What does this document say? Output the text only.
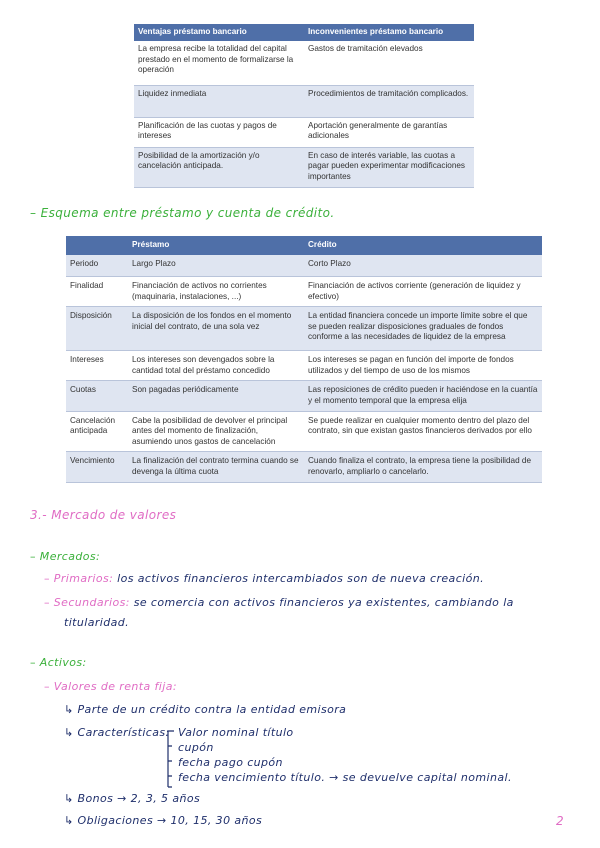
Ventajas préstamo bancario	Inconvenientes préstamo bancario
La empresa recibe la totalidad del capital prestado en el momento de formalizarse la operación	Gastos de tramitación elevados
Liquidez inmediata	Procedimientos de tramitación complicados.
Planificación de las cuotas y pagos de intereses	Aportación generalmente de garantías adicionales
Posibilidad de la amortización y/o cancelación anticipada.	En caso de interés variable, las cuotas a pagar pueden experimentar modificaciones importantes
– Esquema entre préstamo y cuenta de crédito.
	Préstamo	Crédito
Periodo	Largo Plazo	Corto Plazo
Finalidad	Financiación de activos no corrientes (maquinaria, instalaciones, ...)	Financiación de activos corriente (generación de liquidez y efectivo)
Disposición	La disposición de los fondos en el momento inicial del contrato, de una sola vez	La entidad financiera concede un importe límite sobre el que se pueden realizar disposiciones graduales de fondos conforme a las necesidades de liquidez de la empresa
Intereses	Los intereses son devengados sobre la cantidad total del préstamo concedido	Los intereses se pagan en función del importe de fondos utilizados y del tiempo de uso de los mismos
Cuotas	Son pagadas periódicamente	Las reposiciones de crédito pueden ir haciéndose en la cuantía y el momento temporal que la empresa elija
Cancelación anticipada	Cabe la posibilidad de devolver el principal antes del momento de finalización, asumiendo unos gastos de cancelación	Se puede realizar en cualquier momento dentro del plazo del contrato, sin que existan gastos financieros derivados por ello
Vencimiento	La finalización del contrato termina cuando se devenga la última cuota	Cuando finaliza el contrato, la empresa tiene la posibilidad de renovarlo, ampliarlo o cancelarlo.
3.- Mercado de valores
– Mercados:
– Primarios: los activos financieros intercambiados son de nueva creación.
– Secundarios: se comercia con activos financieros ya existentes, cambiando la
titularidad.
– Activos:
– Valores de renta fija:
↳ Parte de un crédito contra la entidad emisora
↳ Características: Valor nominal título
cupón
fecha pago cupón
fecha vencimiento título. → se devuelve capital nominal.
↳ Bonos → 2, 3, 5 años
↳ Obligaciones → 10, 15, 30 años	2
